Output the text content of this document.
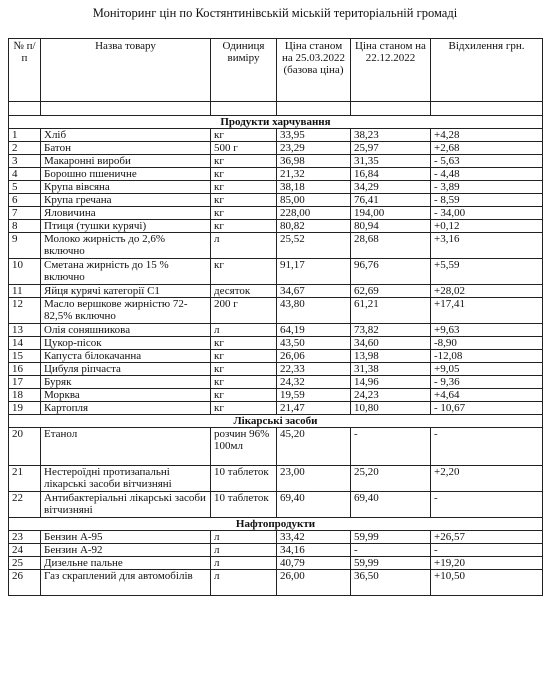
Моніторинг цін по Костянтинівській міській територіальній громаді
№ п/п	Назва товару	Одиниця виміру	Ціна станом на 25.03.2022 (базова ціна)	Ціна станом на 22.12.2022	Відхилення грн.

Продукти харчування					
1	Хліб	кг	33,95	38,23	+4,28
2	Батон	500 г	23,29	25,97	+2,68
3	Макаронні вироби	кг	36,98	31,35	- 5,63
4	Борошно пшеничне	кг	21,32	16,84	- 4,48
5	Крупа вівсяна	кг	38,18	34,29	- 3,89
6	Крупа гречана	кг	85,00	76,41	- 8,59
7	Яловичина	кг	228,00	194,00	- 34,00
8	Птиця (тушки курячі)	кг	80,82	80,94	+0,12
9	Молоко жирність до 2,6% включно	л	25,52	28,68	+3,16
10	Сметана жирність до 15 % включно	кг	91,17	96,76	+5,59
11	Яйця курячі категорії С1	десяток	34,67	62,69	+28,02
12	Масло вершкове жирністю 72-82,5% включно	200 г	43,80	61,21	+17,41
13	Олія соняшникова	л	64,19	73,82	+9,63
14	Цукор-пісок	кг	43,50	34,60	-8,90
15	Капуста білокачанна	кг	26,06	13,98	-12,08
16	Цибуля ріпчаста	кг	22,33	31,38	+9,05
17	Буряк	кг	24,32	14,96	- 9,36
18	Морква	кг	19,59	24,23	+4,64
19	Картопля	кг	21,47	10,80	- 10,67
Лікарські засоби					
20	Етанол	розчин 96% 100мл	45,20	-	-
21	Нестероїдні протизапальні лікарські засоби вітчизняні	10 таблеток	23,00	25,20	+2,20
22	Антибактеріальні лікарські засоби вітчизняні	10 таблеток	69,40	69,40	-
Нафтопродукти					
23	Бензин А-95	л	33,42	59,99	+26,57
24	Бензин А-92	л	34,16	-	-
25	Дизельне пальне	л	40,79	59,99	+19,20
26	Газ скраплений для автомобілів	л	26,00	36,50	+10,50
